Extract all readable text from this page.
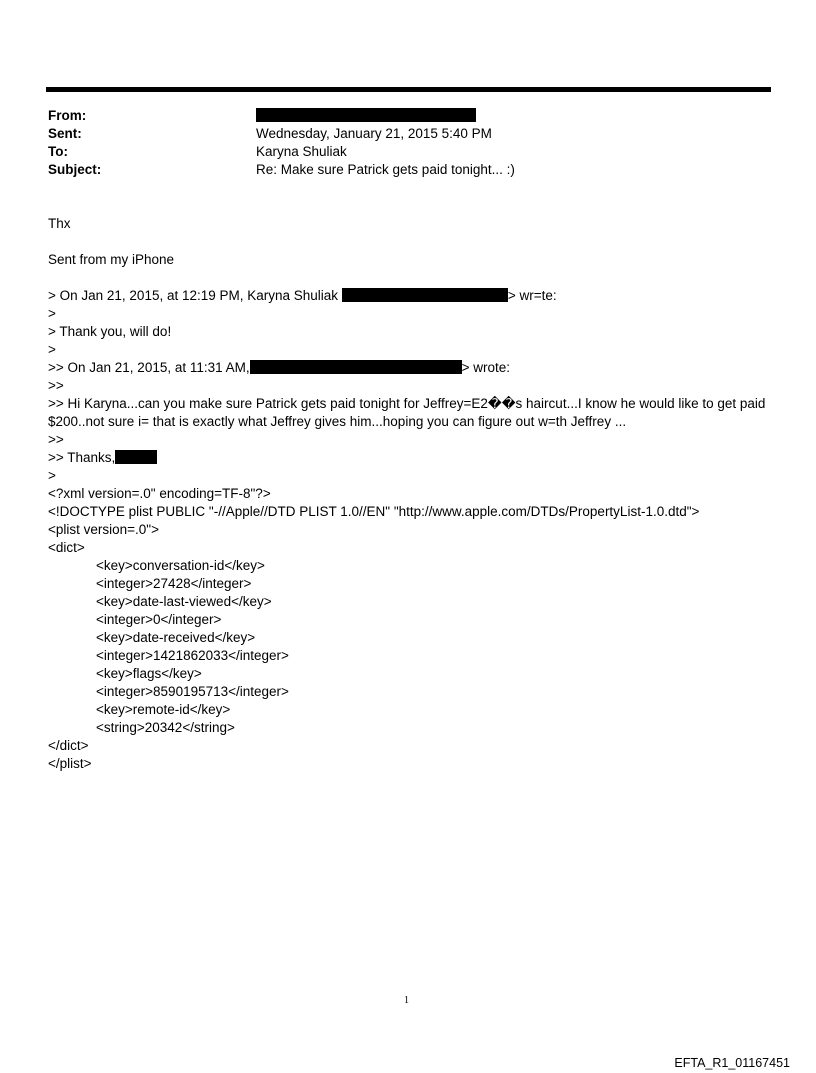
From:
Sent:	Wednesday, January 21, 2015 5:40 PM
To:	Karyna Shuliak
Subject:	Re: Make sure Patrick gets paid tonight... :)
Thx
Sent from my iPhone
> On Jan 21, 2015, at 12:19 PM, Karyna Shuliak	> wr=te:
>
> Thank you, will do!
>
>> On Jan 21, 2015, at 11:31 AM,	> wrote:
>>
>> Hi Karyna...can you make sure Patrick gets paid tonight for Jeffrey=E2��s haircut...I know he would like to get paid $200..not sure i= that is exactly what Jeffrey gives him...hoping you can figure out w=th Jeffrey ...
>>
>> Thanks,
>
<?xml version=.0" encoding=TF-8"?>
<!DOCTYPE plist PUBLIC "-//Apple//DTD PLIST 1.0//EN" "http://www.apple.com/DTDs/PropertyList-1.0.dtd">
<plist version=.0">
<dict>
<key>conversation-id</key>
<integer>27428</integer>
<key>date-last-viewed</key>
<integer>0</integer>
<key>date-received</key>
<integer>1421862033</integer>
<key>flags</key>
<integer>8590195713</integer>
<key>remote-id</key>
<string>20342</string>
</dict>
</plist>
1
EFTA_R1_01167451
